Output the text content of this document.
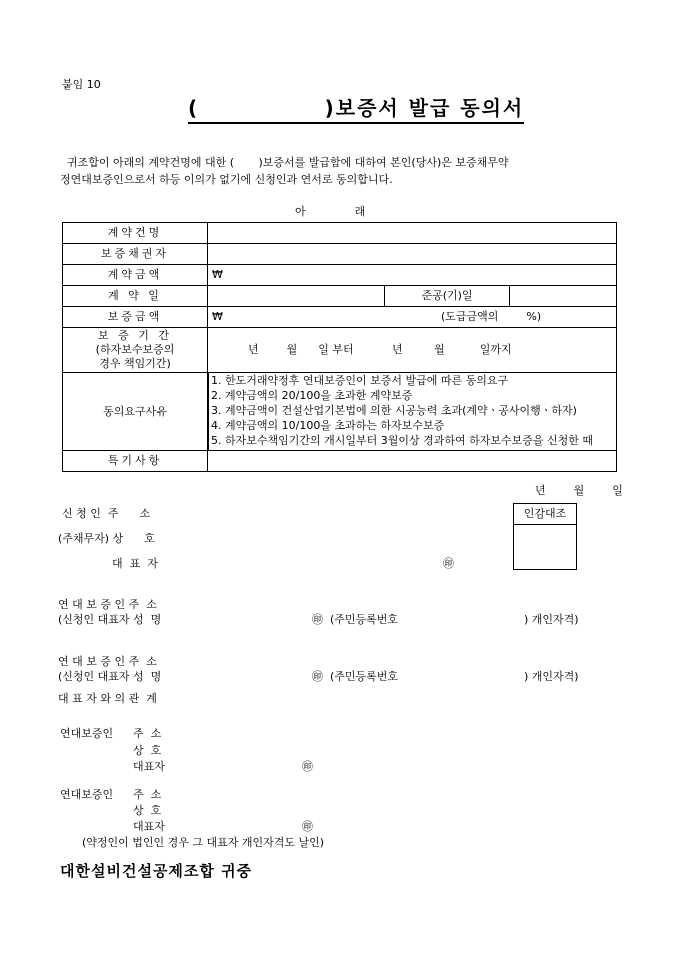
붙임 10
(              )보증서 발급 동의서
귀조합이 아래의 계약건명에 대한 (       )보증서를 발급함에 대하여 본인(당사)은 보증채무약
정연대보증인으로서 하등 이의가 없기에 신청인과 연서로 동의합니다.
아              래
계약건명			
보증채권자			
계약금액	₩		
계 약 일		준공(기)일	
보증금액	₩ (도급금액의        %)		

보 증 기 간
(하자보수보증의
경우 책임기간)	년        월      일 부터           년         월          일까지		
동의요구사유	1. 한도거래약정후 연대보증인이 보증서 발급에 따른 동의요구
2. 계약금액의 20/100을 초과한 계약보증
3. 계약금액이 건설산업기본법에 의한 시공능력 초과(계약ㆍ공사이행ㆍ하자)
4. 계약금액의 10/100을 초과하는 하자보수보증
5. 하자보수책임기간의 개시일부터 3월이상 경과하여 하자보수보증을 신청한 때		

특기사항			
년        월        일
인감대조
신 청 인  주      소
(주채무자) 상      호
대  표  자	㊞
연 대 보 증 인 주  소
(신청인 대표자 성  명	㊞ (주민등록번호	) 개인자격)
연 대 보 증 인 주  소
(신청인 대표자 성  명	㊞ (주민등록번호	) 개인자격)
대 표 자 와 의 관  계
연대보증인 주  소
상  호
대표자	㊞
연대보증인 주  소
상  호
대표자	㊞
(약정인이 법인인 경우 그 대표자 개인자격도 날인)
대한설비건설공제조합 귀중
